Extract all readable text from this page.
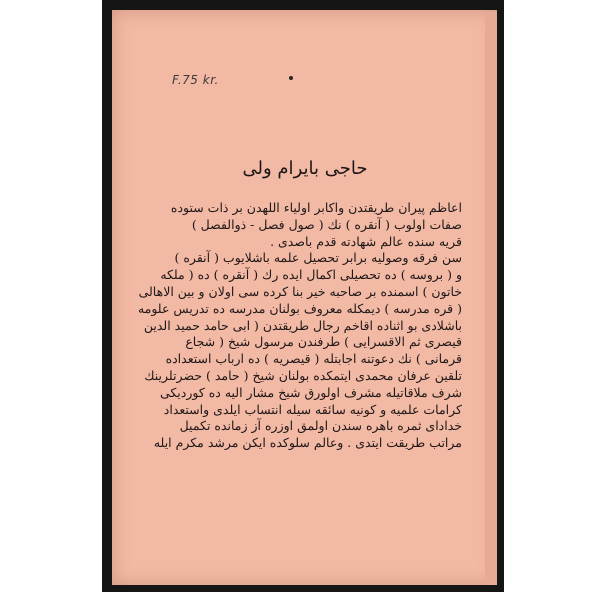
F.75 kr.
حاجى بايرام ولى
اعاظم پيران طريقتدن واكابر اولياء اللهدن بر ذات ستوده
صفات اولوب ( آنقره ) نك ( صول فصل - ذوالفصل )
قريه سنده عالم شهادته قدم باصدى .
سن فرقه وصوليه برابر تحصيل علمه باشلايوب ( آنقره )
و ( بروسه ) ده تحصيلى اكمال ايده رك ( آنقره ) ده ( ملكه
خاتون ) اسمنده بر صاحبه خير بنا كرده سى اولان و بين الاهالى
( قره مدرسه ) ديمكله معروف بولنان مدرسه ده تدريس علومه
باشلادى بو اثناده اقاخم رجال طريقتدن ( ابى حامد حميد الدين
قيصرى ثم الاقسرايى ) طرفندن مرسول شيخ ( شجاع
قرمانى ) نك دعوتنه اجابتله ( قيصريه ) ده ارباب استعداده
تلقين عرفان محمدى ايتمكده بولنان شيخ ( حامد ) حضرتلرينك
شرف ملاقاتيله مشرف اولورق شيخ مشار اليه ده كورديكى
كرامات علميه و كونيه سائقه سيله انتساب ايلدى واستعداد
خداداى ثمره باهره سندن اولمق اوزره آز زمانده تكميل
مراتب طريقت ايتدى . وعالم سلوكده ايكن مرشد مكرم ايله
